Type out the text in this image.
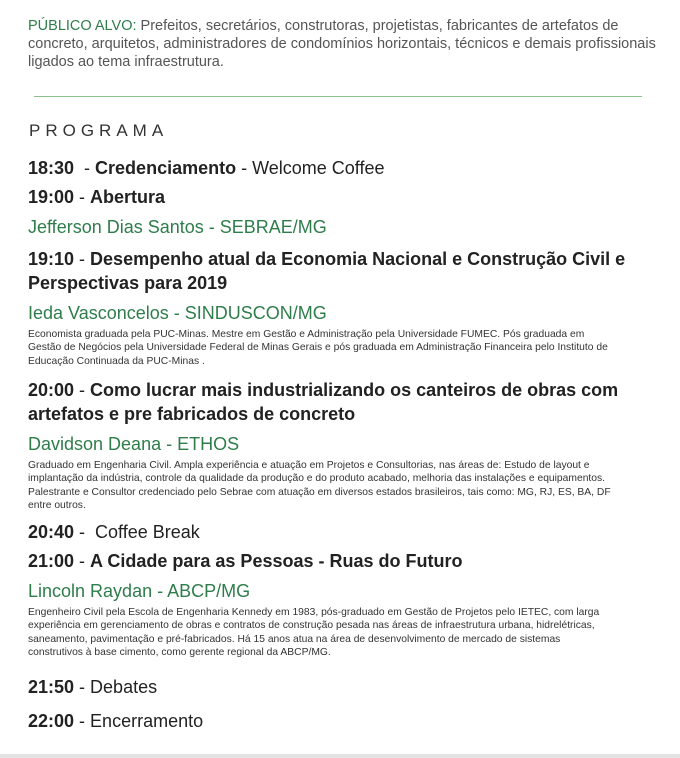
PÚBLICO ALVO: Prefeitos, secretários, construtoras, projetistas, fabricantes de artefatos de concreto, arquitetos, administradores de condomínios horizontais, técnicos e demais profissionais ligados ao tema infraestrutura.

PROGRAMA
18:30  - Credenciamento - Welcome Coffee
19:00 - Abertura
Jefferson Dias Santos - SEBRAE/MG
19:10 - Desempenho atual da Economia Nacional e Construção Civil e Perspectivas para 2019
Ieda Vasconcelos - SINDUSCON/MG
Economista graduada pela PUC-Minas. Mestre em Gestão e Administração pela Universidade FUMEC. Pós graduada em Gestão de Negócios pela Universidade Federal de Minas Gerais e pós graduada em Administração Financeira pelo Instituto de Educação Continuada da PUC-Minas .
20:00 - Como lucrar mais industrializando os canteiros de obras com artefatos e pre fabricados de concreto
Davidson Deana - ETHOS
Graduado em Engenharia Civil. Ampla experiência e atuação em Projetos e Consultorias, nas áreas de: Estudo de layout e implantação da indústria, controle da qualidade da produção e do produto acabado, melhoria das instalações e equipamentos. Palestrante e Consultor credenciado pelo Sebrae com atuação em diversos estados brasileiros, tais como: MG, RJ, ES, BA, DF entre outros.
20:40 -  Coffee Break
21:00 - A Cidade para as Pessoas - Ruas do Futuro
Lincoln Raydan - ABCP/MG
Engenheiro Civil pela Escola de Engenharia Kennedy em 1983, pós-graduado em Gestão de Projetos pelo IETEC, com larga experiência em gerenciamento de obras e contratos de construção pesada nas áreas de infraestrutura urbana, hidrelétricas, saneamento, pavimentação e pré-fabricados. Há 15 anos atua na área de desenvolvimento de mercado de sistemas construtivos à base cimento, como gerente regional da ABCP/MG.
21:50 - Debates
22:00 - Encerramento
